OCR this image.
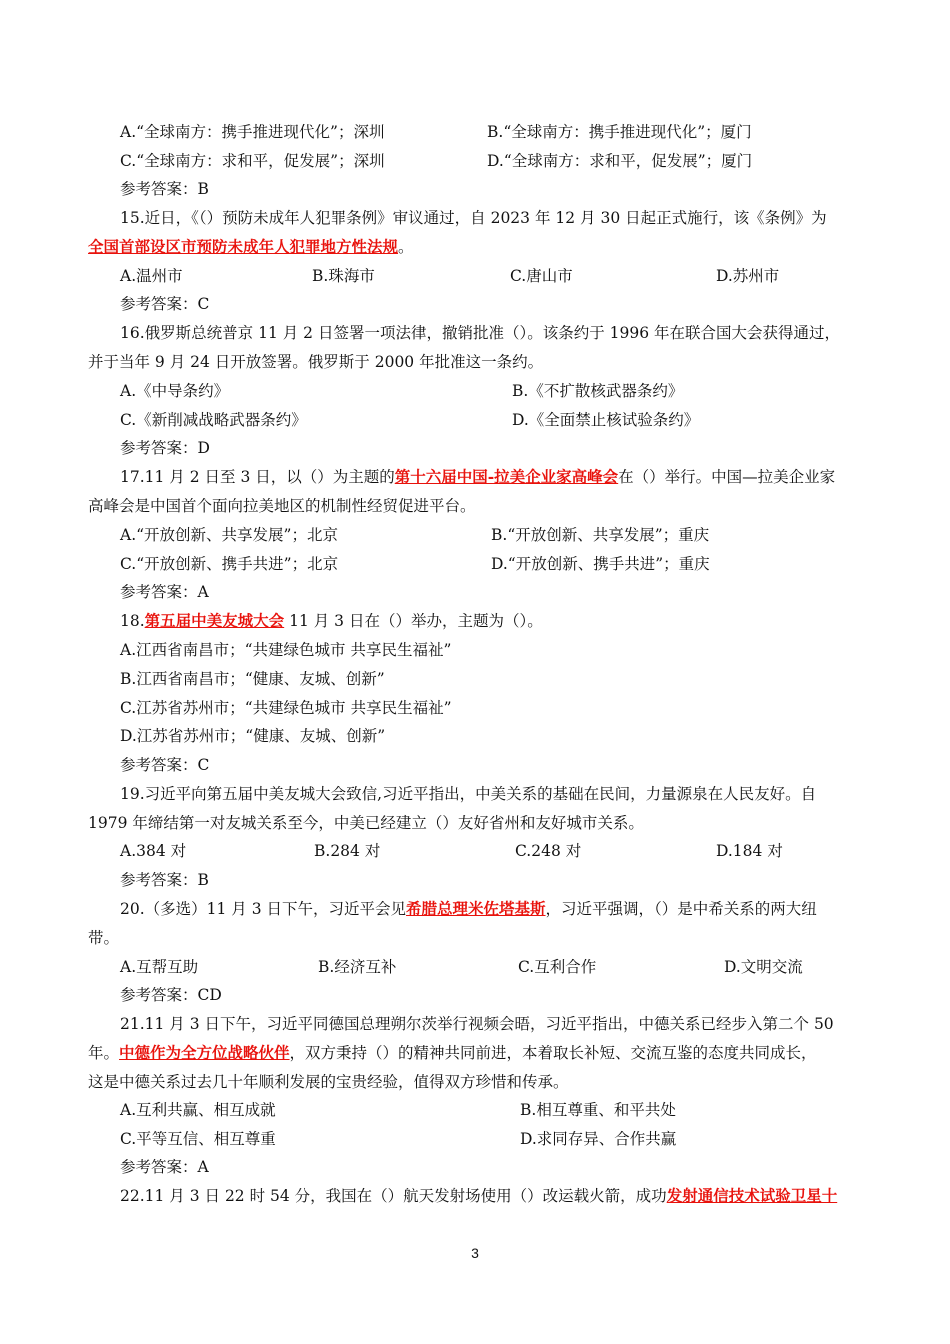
A.“全球南方：携手推进现代化”；深圳	B.“全球南方：携手推进现代化”；厦门
C.“全球南方：求和平，促发展”；深圳	D.“全球南方：求和平，促发展”；厦门
参考答案：B
15.近日，《（）预防未成年人犯罪条例》审议通过，自 2023 年 12 月 30 日起正式施行，该《条例》为
全国首部设区市预防未成年人犯罪地方性法规。
A.温州市	B.珠海市	C.唐山市	D.苏州市
参考答案：C
16.俄罗斯总统普京 11 月 2 日签署一项法律，撤销批准（）。该条约于 1996 年在联合国大会获得通过，
并于当年 9 月 24 日开放签署。俄罗斯于 2000 年批准这一条约。
A.《中导条约》	B.《不扩散核武器条约》
C.《新削减战略武器条约》	D.《全面禁止核试验条约》
参考答案：D
17.11 月 2 日至 3 日，以（）为主题的第十六届中国-拉美企业家高峰会在（）举行。中国—拉美企业家
高峰会是中国首个面向拉美地区的机制性经贸促进平台。
A.“开放创新、共享发展”；北京	B.“开放创新、共享发展”；重庆
C.“开放创新、携手共进”；北京	D.“开放创新、携手共进”；重庆
参考答案：A
18.第五届中美友城大会 11 月 3 日在（）举办，主题为（）。
A.江西省南昌市；“共建绿色城市 共享民生福祉”
B.江西省南昌市；“健康、友城、创新”
C.江苏省苏州市；“共建绿色城市 共享民生福祉”
D.江苏省苏州市；“健康、友城、创新”
参考答案：C
19.习近平向第五届中美友城大会致信,习近平指出，中美关系的基础在民间，力量源泉在人民友好。自
1979 年缔结第一对友城关系至今，中美已经建立（）友好省州和友好城市关系。
A.384 对	B.284 对	C.248 对	D.184 对
参考答案：B
20.（多选）11 月 3 日下午，习近平会见希腊总理米佐塔基斯，习近平强调，（）是中希关系的两大纽
带。
A.互帮互助	B.经济互补	C.互利合作	D.文明交流
参考答案：CD
21.11 月 3 日下午，习近平同德国总理朔尔茨举行视频会晤，习近平指出，中德关系已经步入第二个 50
年。中德作为全方位战略伙伴，双方秉持（）的精神共同前进，本着取长补短、交流互鉴的态度共同成长，
这是中德关系过去几十年顺利发展的宝贵经验，值得双方珍惜和传承。
A.互利共赢、相互成就	B.相互尊重、和平共处
C.平等互信、相互尊重	D.求同存异、合作共赢
参考答案：A
22.11 月 3 日 22 时 54 分，我国在（）航天发射场使用（）改运载火箭，成功发射通信技术试验卫星十
3
